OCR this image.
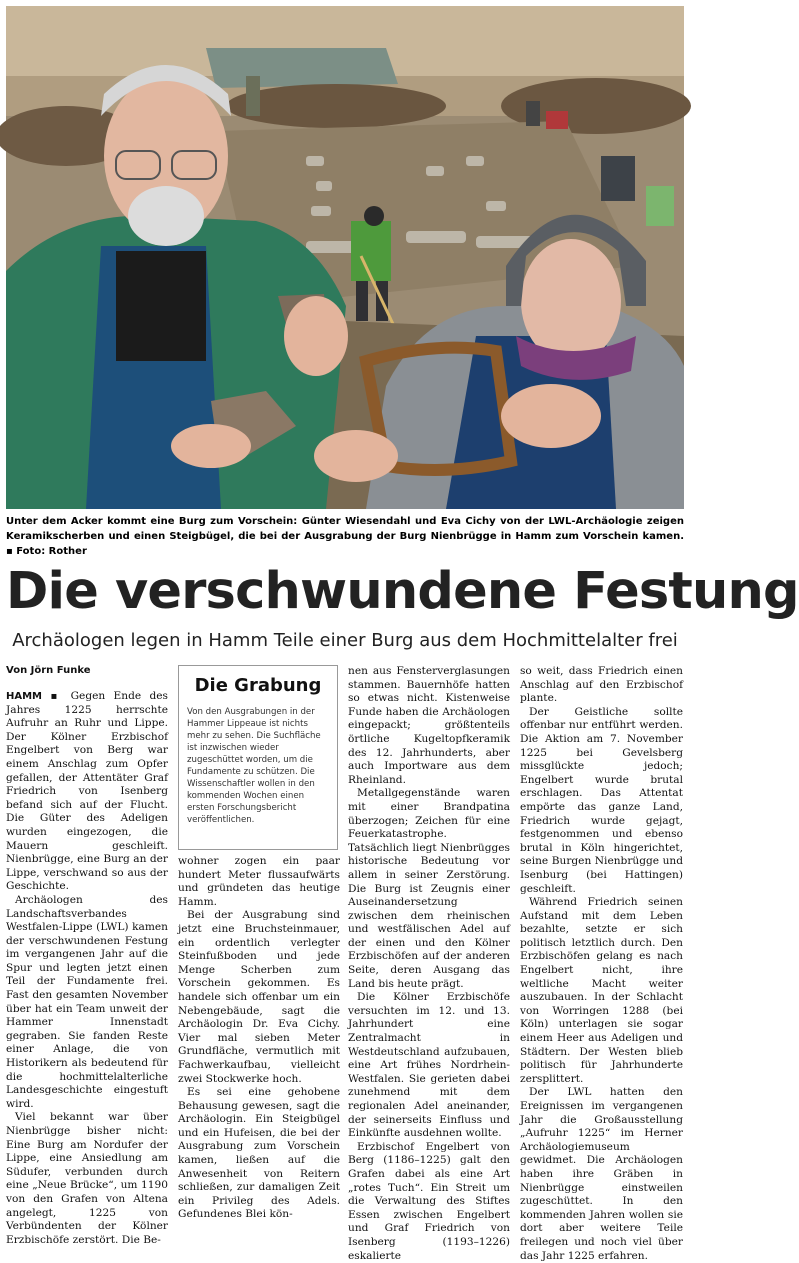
Unter dem Acker kommt eine Burg zum Vorschein: Günter Wiesendahl und Eva Cichy von der LWL-Archäologie zeigen Keramikscherben und einen Steigbügel, die bei der Ausgrabung der Burg Nienbrügge in Hamm zum Vorschein kamen. ▪ Foto: Rother
Die verschwundene Festung
Archäologen legen in Hamm Teile einer Burg aus dem Hochmittelalter frei
Von Jörn Funke

HAMM ▪ Gegen Ende des Jahres 1225 herrschte Aufruhr an Ruhr und Lippe. Der Kölner Erzbischof Engelbert von Berg war einem Anschlag zum Opfer gefallen, der Attentäter Graf Friedrich von Isenberg befand sich auf der Flucht. Die Güter des Adeligen wurden eingezogen, die Mauern geschleift. Nienbrügge, eine Burg an der Lippe, verschwand so aus der Geschichte.

Archäologen des Landschaftsverbandes Westfalen-Lippe (LWL) kamen der verschwundenen Festung im vergangenen Jahr auf die Spur und legten jetzt einen Teil der Fundamente frei. Fast den gesamten November über hat ein Team unweit der Hammer Innenstadt gegraben. Sie fanden Reste einer Anlage, die von Historikern als bedeutend für die hochmittelalterliche Landesgeschichte eingestuft wird.

Viel bekannt war über Nienbrügge bisher nicht: Eine Burg am Nordufer der Lippe, eine Ansiedlung am Südufer, verbunden durch eine „Neue Brücke“, um 1190 von den Grafen von Altena angelegt, 1225 von Verbündenten der Kölner Erzbischöfe zerstört. Die Be-

Die Grabung
Von den Ausgrabungen in der Hammer Lippeaue ist nichts mehr zu sehen. Die Suchfläche ist inzwischen wieder zugeschüttet worden, um die Fundamente zu schützen. Die Wissenschaftler wollen in den kommenden Wochen einen ersten Forschungsbericht veröffentlichen.

wohner zogen ein paar hundert Meter flussaufwärts und gründeten das heutige Hamm.

Bei der Ausgrabung sind jetzt eine Bruchsteinmauer, ein ordentlich verlegter Steinfußboden und jede Menge Scherben zum Vorschein gekommen. Es handele sich offenbar um ein Nebengebäude, sagt die Archäologin Dr. Eva Cichy. Vier mal sieben Meter Grundfläche, vermutlich mit Fachwerkaufbau, vielleicht zwei Stockwerke hoch.

Es sei eine gehobene Behausung gewesen, sagt die Archäologin. Ein Steigbügel und ein Hufeisen, die bei der Ausgrabung zum Vorschein kamen, ließen auf die Anwesenheit von Reitern schließen, zur damaligen Zeit ein Privileg des Adels. Gefundenes Blei kön-

nen aus Fensterverglasungen stammen. Bauernhöfe hatten so etwas nicht. Kistenweise Funde haben die Archäologen eingepackt; größtenteils örtliche Kugeltopfkeramik des 12. Jahrhunderts, aber auch Importware aus dem Rheinland.

Metallgegenstände waren mit einer Brandpatina überzogen; Zeichen für eine Feuerkatastrophe. Tatsächlich liegt Nienbrügges historische Bedeutung vor allem in seiner Zerstörung. Die Burg ist Zeugnis einer Auseinandersetzung zwischen dem rheinischen und westfälischen Adel auf der einen und den Kölner Erzbischöfen auf der anderen Seite, deren Ausgang das Land bis heute prägt.

Die Kölner Erzbischöfe versuchten im 12. und 13. Jahrhundert eine Zentralmacht in Westdeutschland aufzubauen, eine Art frühes Nordrhein-Westfalen. Sie gerieten dabei zunehmend mit dem regionalen Adel aneinander, der seinerseits Einfluss und Einkünfte ausdehnen wollte.

Erzbischof Engelbert von Berg (1186–1225) galt den Grafen dabei als eine Art „rotes Tuch“. Ein Streit um die Verwaltung des Stiftes Essen zwischen Engelbert und Graf Friedrich von Isenberg (1193–1226) eskalierte

so weit, dass Friedrich einen Anschlag auf den Erzbischof plante.

Der Geistliche sollte offenbar nur entführt werden. Die Aktion am 7. November 1225 bei Gevelsberg missglückte jedoch; Engelbert wurde brutal erschlagen. Das Attentat empörte das ganze Land, Friedrich wurde gejagt, festgenommen und ebenso brutal in Köln hingerichtet, seine Burgen Nienbrügge und Isenburg (bei Hattingen) geschleift.

Während Friedrich seinen Aufstand mit dem Leben bezahlte, setzte er sich politisch letztlich durch. Den Erzbischöfen gelang es nach Engelbert nicht, ihre weltliche Macht weiter auszubauen. In der Schlacht von Worringen 1288 (bei Köln) unterlagen sie sogar einem Heer aus Adeligen und Städtern. Der Westen blieb politisch für Jahrhunderte zersplittert.

Der LWL hatten den Ereignissen im vergangenen Jahr die Großausstellung „Aufruhr 1225“ im Herner Archäologiemuseum gewidmet. Die Archäologen haben ihre Gräben in Nienbrügge einstweilen zugeschüttet. In den kommenden Jahren wollen sie dort aber weitere Teile freilegen und noch viel über das Jahr 1225 erfahren.
